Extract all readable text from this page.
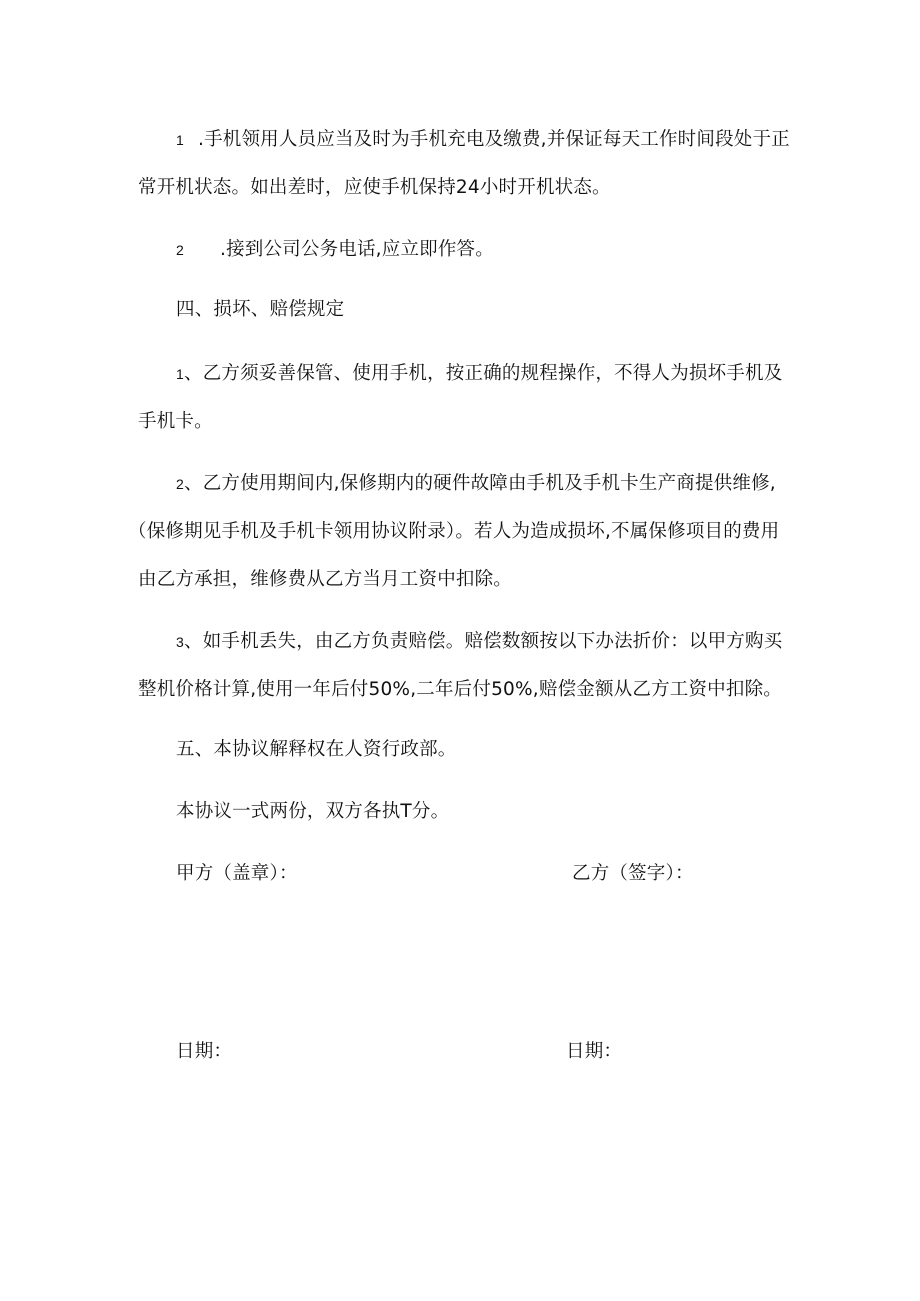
1 .手机领用人员应当及时为手机充电及缴费,并保证每天工作时间段处于正
常开机状态。如出差时，应使手机保持24小时开机状态。
2 .接到公司公务电话,应立即作答。
四、损坏、赔偿规定
1、乙方须妥善保管、使用手机，按正确的规程操作，不得人为损坏手机及
手机卡。
2、乙方使用期间内,保修期内的硬件故障由手机及手机卡生产商提供维修,
（保修期见手机及手机卡领用协议附录）。若人为造成损坏,不属保修项目的费用
由乙方承担，维修费从乙方当月工资中扣除。
3、如手机丢失，由乙方负责赔偿。赔偿数额按以下办法折价：以甲方购买
整机价格计算,使用一年后付50%,二年后付50%,赔偿金额从乙方工资中扣除。
五、本协议解释权在人资行政部。
本协议一式两份，双方各执T分。
甲方（盖章）：	乙方（签字）：
日期：	日期：
